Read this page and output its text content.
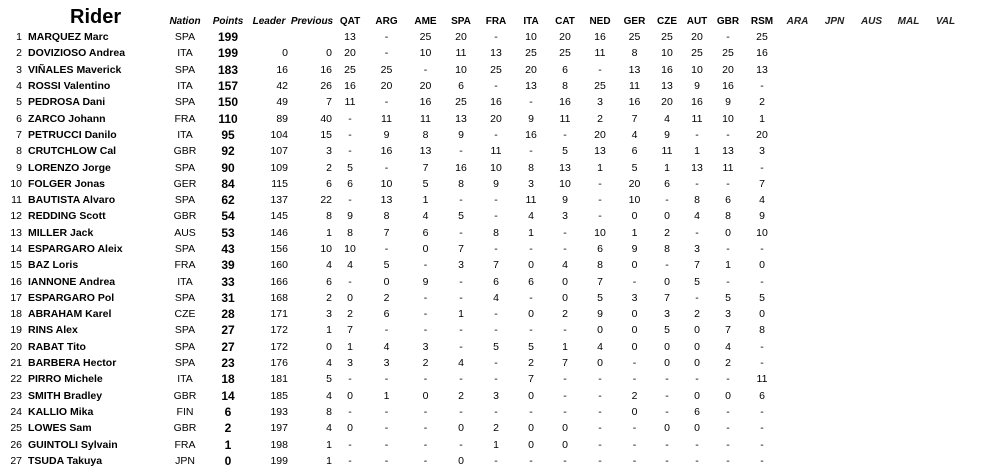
	Rider	Nation	Points	Leader	Previous	QAT	ARG	AME	SPA	FRA	ITA	CAT	NED	GER	CZE	AUT	GBR	RSM	ARA	JPN	AUS	MAL	VAL
1	MARQUEZ Marc	SPA	199			13	-	25	20	-	10	20	16	25	25	20	-	25					
2	DOVIZIOSO Andrea	ITA	199	0	0	20	-	10	11	13	25	25	11	8	10	25	25	16					
3	VIÑALES Maverick	SPA	183	16	16	25	25	-	10	25	20	6	-	13	16	10	20	13					
4	ROSSI Valentino	ITA	157	42	26	16	20	20	6	-	13	8	25	11	13	9	16	-					
5	PEDROSA Dani	SPA	150	49	7	11	-	16	25	16	-	16	3	16	20	16	9	2					
6	ZARCO Johann	FRA	110	89	40	-	11	11	13	20	9	11	2	7	4	11	10	1					
7	PETRUCCI Danilo	ITA	95	104	15	-	9	8	9	-	16	-	20	4	9	-	-	20					
8	CRUTCHLOW Cal	GBR	92	107	3	-	16	13	-	11	-	5	13	6	11	1	13	3					
9	LORENZO Jorge	SPA	90	109	2	5	-	7	16	10	8	13	1	5	1	13	11	-					
10	FOLGER Jonas	GER	84	115	6	6	10	5	8	9	3	10	-	20	6	-	-	7					
11	BAUTISTA Alvaro	SPA	62	137	22	-	13	1	-	-	11	9	-	10	-	8	6	4					
12	REDDING Scott	GBR	54	145	8	9	8	4	5	-	4	3	-	0	0	4	8	9					
13	MILLER Jack	AUS	53	146	1	8	7	6	-	8	1	-	10	1	2	-	0	10					
14	ESPARGARO Aleix	SPA	43	156	10	10	-	0	7	-	-	-	6	9	8	3	-	-					
15	BAZ Loris	FRA	39	160	4	4	5	-	3	7	0	4	8	0	-	7	1	0					
16	IANNONE Andrea	ITA	33	166	6	-	0	9	-	6	6	0	7	-	0	5	-	-					
17	ESPARGARO Pol	SPA	31	168	2	0	2	-	-	4	-	0	5	3	7	-	5	5					
18	ABRAHAM Karel	CZE	28	171	3	2	6	-	1	-	0	2	9	0	3	2	3	0					
19	RINS Alex	SPA	27	172	1	7	-	-	-	-	-	-	0	0	5	0	7	8					
20	RABAT Tito	SPA	27	172	0	1	4	3	-	5	5	1	4	0	0	0	4	-					
21	BARBERA Hector	SPA	23	176	4	3	3	2	4	-	2	7	0	-	0	0	2	-					
22	PIRRO Michele	ITA	18	181	5	-	-	-	-	-	7	-	-	-	-	-	-	11					
23	SMITH Bradley	GBR	14	185	4	0	1	0	2	3	0	-	-	2	-	0	0	6					
24	KALLIO Mika	FIN	6	193	8	-	-	-	-	-	-	-	-	0	-	6	-	-					
25	LOWES Sam	GBR	2	197	4	0	-	-	0	2	0	0	-	-	0	0	-	-					
26	GUINTOLI Sylvain	FRA	1	198	1	-	-	-	-	1	0	0	-	-	-	-	-	-					
27	TSUDA Takuya	JPN	0	199	1	-	-	-	0	-	-	-	-	-	-	-	-	-					
